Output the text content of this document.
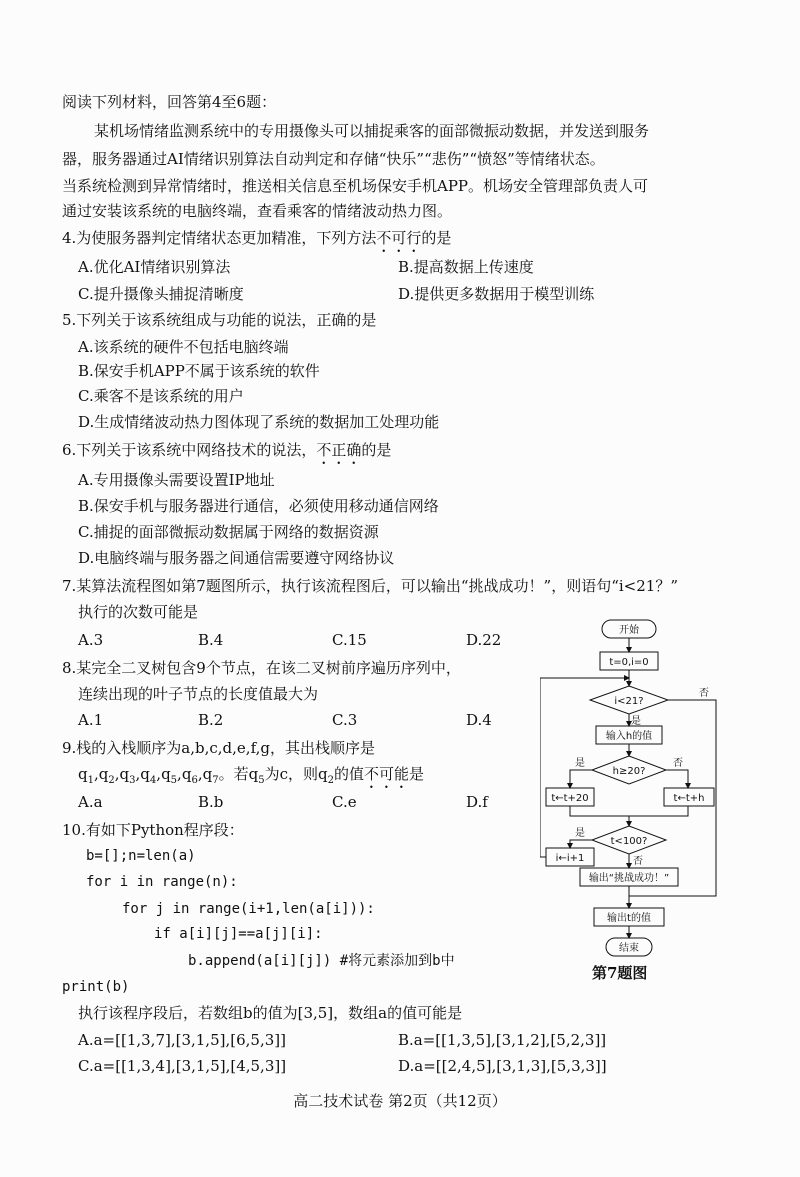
阅读下列材料，回答第4至6题：
某机场情绪监测系统中的专用摄像头可以捕捉乘客的面部微振动数据，并发送到服务
器，服务器通过AI情绪识别算法自动判定和存储“快乐”“悲伤”“愤怒”等情绪状态。
当系统检测到异常情绪时，推送相关信息至机场保安手机APP。机场安全管理部负责人可
通过安装该系统的电脑终端，查看乘客的情绪波动热力图。
4.为使服务器判定情绪状态更加精准，下列方法不可行的是
A.优化AI情绪识别算法	B.提高数据上传速度
C.提升摄像头捕捉清晰度	D.提供更多数据用于模型训练
5.下列关于该系统组成与功能的说法，正确的是
A.该系统的硬件不包括电脑终端
B.保安手机APP不属于该系统的软件
C.乘客不是该系统的用户
D.生成情绪波动热力图体现了系统的数据加工处理功能
6.下列关于该系统中网络技术的说法，不正确的是
A.专用摄像头需要设置IP地址
B.保安手机与服务器进行通信，必须使用移动通信网络
C.捕捉的面部微振动数据属于网络的数据资源
D.电脑终端与服务器之间通信需要遵守网络协议
7.某算法流程图如第7题图所示，执行该流程图后，可以输出“挑战成功！”，则语句“i<21？”
执行的次数可能是
A.3	B.4	C.15	D.22
8.某完全二叉树包含9个节点，在该二叉树前序遍历序列中，
连续出现的叶子节点的长度值最大为
A.1	B.2	C.3	D.4
9.栈的入栈顺序为a,b,c,d,e,f,g，其出栈顺序是
$q_1,q_2,q_3,q_4,q_5,q_6,q_7$。若$q_5$为c，则$q_2$的值不可能是
A.a	B.b	C.e	D.f
10.有如下Python程序段：
b=[];n=len(a)
for i in range(n):
for j in range(i+1,len(a[i])):
if a[i][j]==a[j][i]:
b.append(a[i][j]) #将元素添加到b中
print(b)
执行该程序段后，若数组b的值为[3,5]，数组a的值可能是
A.a=[[1,3,7],[3,1,5],[6,5,3]]	B.a=[[1,3,5],[3,1,2],[5,2,3]]
C.a=[[1,3,4],[3,1,5],[4,5,3]]	D.a=[[2,4,5],[3,1,3],[5,3,3]]
开始
t=0,i=0
i<21?
输入h的值
h≥20?
t←t+20	t←t+h
t<100?
i←i+1
输出“挑战成功！”
输出t的值
结束
是
否
是	否
是
否
第7题图
高二技术试卷 第2页（共12页）
